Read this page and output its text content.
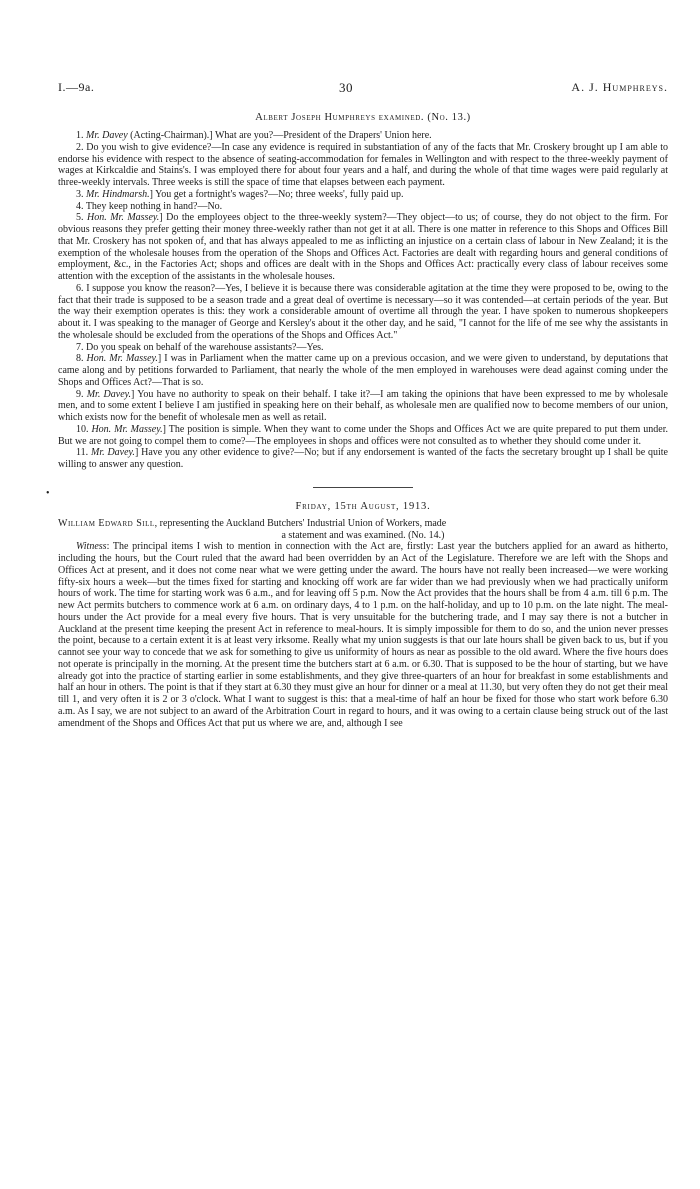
I.—9a.	30	A. J. Humphreys.
•
Albert Joseph Humphreys examined. (No. 13.)

1. Mr. Davey (Acting-Chairman).] What are you?—President of the Drapers' Union here.

2. Do you wish to give evidence?—In case any evidence is required in substantiation of any of the facts that Mr. Croskery brought up I am able to endorse his evidence with respect to the absence of seating-accommodation for females in Wellington and with respect to the three-weekly payment of wages at Kirkcaldie and Stains's. I was employed there for about four years and a half, and during the whole of that time wages were paid regularly at three-weekly intervals. Three weeks is still the space of time that elapses between each payment.

3. Mr. Hindmarsh.] You get a fortnight's wages?—No; three weeks', fully paid up.

4. They keep nothing in hand?—No.

5. Hon. Mr. Massey.] Do the employees object to the three-weekly system?—They object—to us; of course, they do not object to the firm. For obvious reasons they prefer getting their money three-weekly rather than not get it at all. There is one matter in reference to this Shops and Offices Bill that Mr. Croskery has not spoken of, and that has always appealed to me as inflicting an injustice on a certain class of labour in New Zealand; it is the exemption of the wholesale houses from the operation of the Shops and Offices Act. Factories are dealt with regarding hours and general conditions of employment, &c., in the Factories Act; shops and offices are dealt with in the Shops and Offices Act: practically every class of labour receives some attention with the exception of the assistants in the wholesale houses.

6. I suppose you know the reason?—Yes, I believe it is because there was considerable agitation at the time they were proposed to be, owing to the fact that their trade is supposed to be a season trade and a great deal of overtime is necessary—so it was contended—at certain periods of the year. But the way their exemption operates is this: they work a considerable amount of overtime all through the year. I have spoken to numerous shopkeepers about it. I was speaking to the manager of George and Kersley's about it the other day, and he said, "I cannot for the life of me see why the assistants in the wholesale should be excluded from the operations of the Shops and Offices Act."

7. Do you speak on behalf of the warehouse assistants?—Yes.

8. Hon. Mr. Massey.] I was in Parliament when the matter came up on a previous occasion, and we were given to understand, by deputations that came along and by petitions forwarded to Parliament, that nearly the whole of the men employed in warehouses were dead against coming under the Shops and Offices Act?—That is so.

9. Mr. Davey.] You have no authority to speak on their behalf. I take it?—I am taking the opinions that have been expressed to me by wholesale men, and to some extent I believe I am justified in speaking here on their behalf, as wholesale men are qualified now to become members of our union, which exists now for the benefit of wholesale men as well as retail.

10. Hon. Mr. Massey.] The position is simple. When they want to come under the Shops and Offices Act we are quite prepared to put them under. But we are not going to compel them to come?—The employees in shops and offices were not consulted as to whether they should come under it.

11. Mr. Davey.] Have you any other evidence to give?—No; but if any endorsement is wanted of the facts the secretary brought up I shall be quite willing to answer any question.

Friday, 15th August, 1913.
William Edward Sill, representing the Auckland Butchers' Industrial Union of Workers, made
a statement and was examined. (No. 14.)

Witness: The principal items I wish to mention in connection with the Act are, firstly: Last year the butchers applied for an award as hitherto, including the hours, but the Court ruled that the award had been overridden by an Act of the Legislature. Therefore we are left with the Shops and Offices Act at present, and it does not come near what we were getting under the award. The hours have not really been increased—we were working fifty-six hours a week—but the times fixed for starting and knocking off work are far wider than we had previously when we had practically uniform hours of work. The time for starting work was 6 a.m., and for leaving off 5 p.m. Now the Act provides that the hours shall be from 4 a.m. till 6 p.m. The new Act permits butchers to commence work at 6 a.m. on ordinary days, 4 to 1 p.m. on the half-holiday, and up to 10 p.m. on the late night. The meal-hours under the Act provide for a meal every five hours. That is very unsuitable for the butchering trade, and I may say there is not a butcher in Auckland at the present time keeping the present Act in reference to meal-hours. It is simply impossible for them to do so, and the union never presses the point, because to a certain extent it is at least very irksome. Really what my union suggests is that our late hours shall be given back to us, but if you cannot see your way to concede that we ask for something to give us uniformity of hours as near as possible to the old award. Where the five hours does not operate is principally in the morning. At the present time the butchers start at 6 a.m. or 6.30. That is supposed to be the hour of starting, but we have already got into the practice of starting earlier in some establishments, and they give three-quarters of an hour for breakfast in some establishments and half an hour in others. The point is that if they start at 6.30 they must give an hour for dinner or a meal at 11.30, but very often they do not get their meal till 1, and very often it is 2 or 3 o'clock. What I want to suggest is this: that a meal-time of half an hour be fixed for those who start work before 6.30 a.m. As I say, we are not subject to an award of the Arbitration Court in regard to hours, and it was owing to a certain clause being struck out of the last amendment of the Shops and Offices Act that put us where we are, and, although I see
